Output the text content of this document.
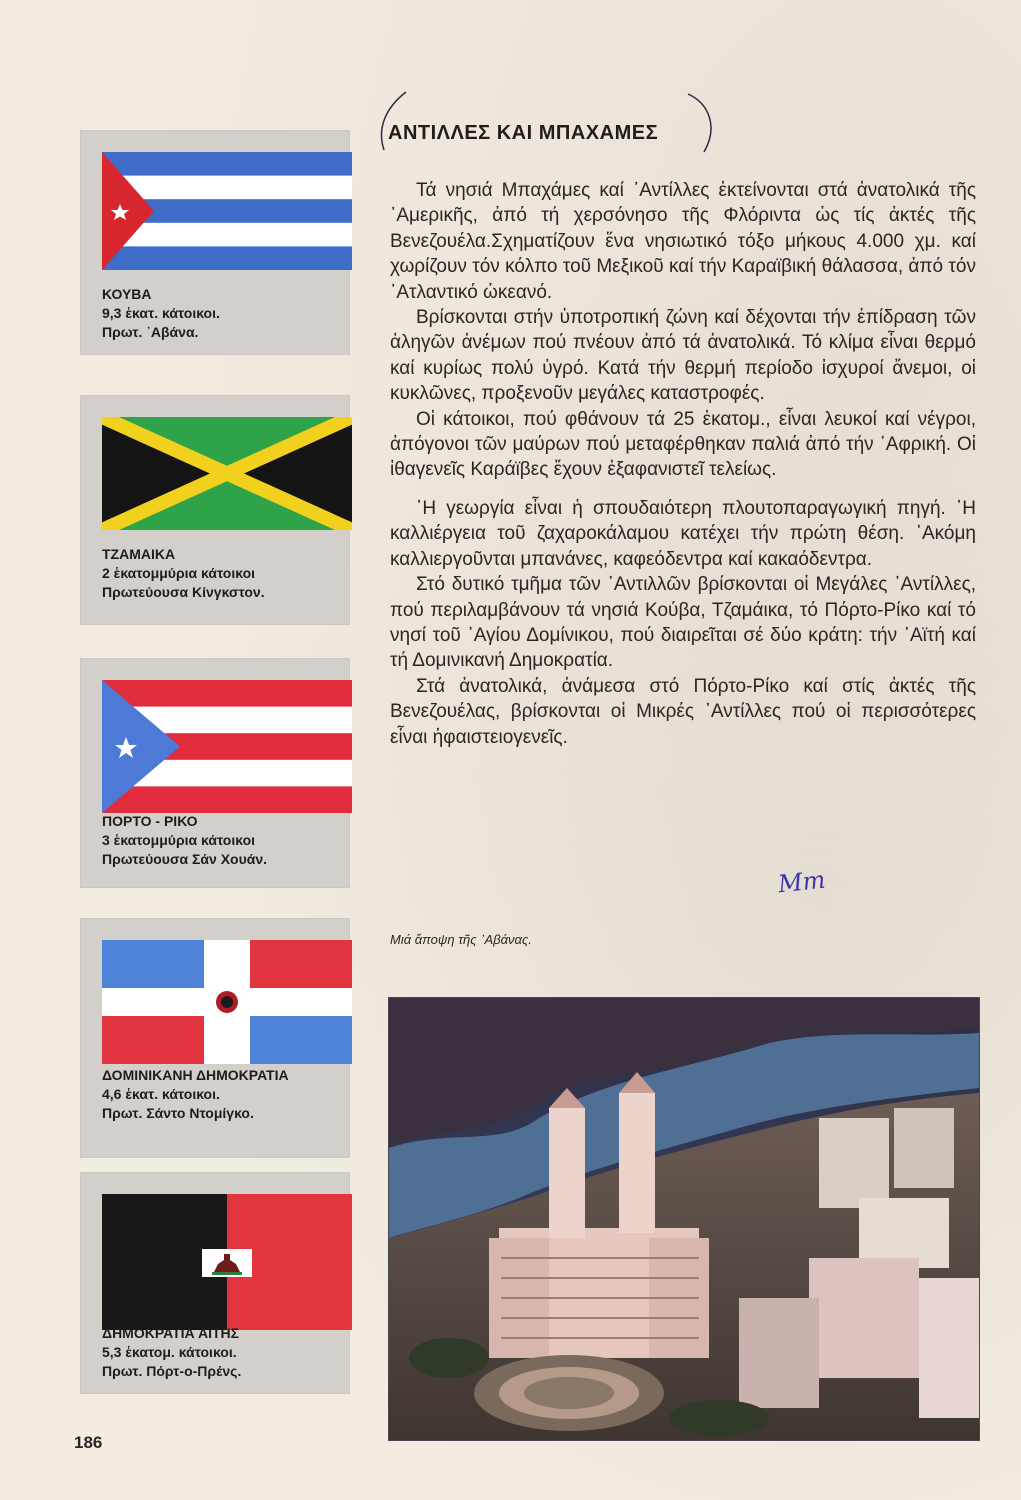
ΚΟΥΒΑ
9,3 ἑκατ. κάτοικοι.
Πρωτ. ᾽Αβάνα.
ΤΖΑΜΑΙΚΑ
2 ἑκατομμύρια κάτοικοι
Πρωτεύουσα Κίνγκστον.
ΠΟΡΤΟ - ΡΙΚΟ
3 ἑκατομμύρια κάτοικοι
Πρωτεύουσα Σάν Χουάν.
ΔΟΜΙΝΙΚΑΝΗ ΔΗΜΟΚΡΑΤΙΑ
4,6 ἑκατ. κάτοικοι.
Πρωτ. Σάντο Ντομίγκο.
ΔΗΜΟΚΡΑΤΙΑ ΑΙΤΗΣ
5,3 ἑκατομ. κάτοικοι.
Πρωτ. Πόρτ-ο-Πρένς.
ΑΝΤΙΛΛΕΣ ΚΑΙ ΜΠΑΧΑΜΕΣ

Τά νησιά Μπαχάμες καί ᾽Αντίλλες ἐκτείνονται στά ἀνατολικά τῆς ᾽Αμερικῆς, ἀπό τή χερσόνησο τῆς Φλόριντα ὡς τίς ἀκτές τῆς Βενεζουέλα.Σχηματίζουν ἕνα νησιωτικό τόξο μήκους 4.000 χμ. καί χωρίζουν τόν κόλπο τοῦ Μεξικοῦ καί τήν Καραϊβική θάλασσα, ἀπό τόν ᾽Ατλαντικό ὠκεανό.

Βρίσκονται στήν ὑποτροπική ζώνη καί δέχονται τήν ἐπίδραση τῶν ἀληγῶν ἀνέμων πού πνέουν ἀπό τά ἀνατολικά. Τό κλίμα εἶναι θερμό καί κυρίως πολύ ὑγρό. Κατά τήν θερμή περίοδο ἰσχυροί ἄνεμοι, οἱ κυκλῶνες, προξενοῦν μεγάλες καταστροφές.

Οἱ κάτοικοι, πού φθάνουν τά 25 ἑκατομ., εἶναι λευκοί καί νέγροι, ἀπόγονοι τῶν μαύρων πού μεταφέρθηκαν παλιά ἀπό τήν ᾽Αφρική. Οἱ ἰθαγενεῖς Καράϊβες ἔχουν ἐξαφανιστεῖ τελείως.

῾Η γεωργία εἶναι ἡ σπουδαιότερη πλουτοπαραγωγική πηγή. ῾Η καλλιέργεια τοῦ ζαχαροκάλαμου κατέχει τήν πρώτη θέση. ᾽Ακόμη καλλιεργοῦνται μπανάνες, καφεόδεντρα καί κακαόδεντρα.

Στό δυτικό τμῆμα τῶν ᾽Αντιλλῶν βρίσκονται οἱ Μεγάλες ᾽Αντίλλες, πού περιλαμβάνουν τά νησιά Κούβα, Τζαμάικα, τό Πόρτο-Ρίκο καί τό νησί τοῦ ᾽Αγίου Δομίνικου, πού διαιρεῖται σέ δύο κράτη: τήν ᾽Αϊτή καί τή Δομινικανή Δημοκρατία.

Στά ἀνατολικά, ἀνάμεσα στό Πόρτο-Ρίκο καί στίς ἀκτές τῆς Βενεζουέλας, βρίσκονται οἱ Μικρές ᾽Αντίλλες πού οἱ περισσότερες εἶναι ἡφαιστειογενεῖς.

Mm
Μιά ἄποψη τῆς ᾽Αβάνας.
186
